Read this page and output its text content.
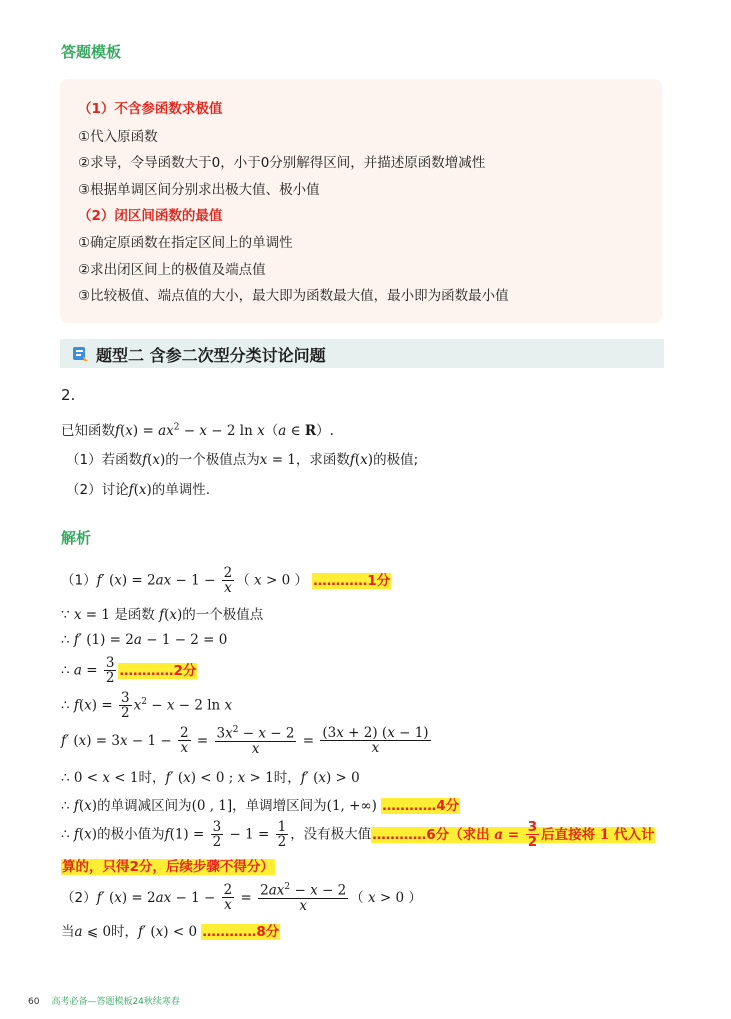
答题模板
（1）不含参函数求极值
①代入原函数
②求导，令导函数大于0，小于0分别解得区间，并描述原函数增减性
③根据单调区间分别求出极大值、极小值
（2）闭区间函数的最值
①确定原函数在指定区间上的单调性
②求出闭区间上的极值及端点值
③比较极值、端点值的大小，最大即为函数最大值，最小即为函数最小值
题型二 含参二次型分类讨论问题
2.
已知函数$f(x) = ax^2 - x - 2$ ln x（a ∈ R）.
（1）若函数f(x)的一个极值点为x = 1，求函数f(x)的极值;
（2）讨论f(x)的单调性.
解析
（1）f′ $(x) = 2ax - 1 - \frac{2}{x}$ （ x > 0 ） …………1分
∵ x = 1 是函数 f(x)的一个极值点
∴ f′ (1) = 2a − 1 − 2 = 0
∴ $a = \frac{3}{2}$ …………2分
∴ $f(x) = \frac{3}{2} x^2 - x - 2$ ln x
f′ $(x) = 3x - 1 - \frac{2}{x} = \frac{3x^2 - x - 2}{x} = \frac{(3x + 2) (x - 1)}{x}$
∴ 0 < x < 1时，f′ (x) < 0 ; x > 1时，f′ (x) > 0
∴ f(x)的单调减区间为(0 , 1]，单调增区间为(1, +∞) …………4分
∴ f(x)的极小值为$f(1) = \frac{3}{2} - 1 = \frac{1}{2}$ ，没有极大值…………6分（求出 $a = \frac{3}{2}$ 后直接将 1 代入计
算的，只得2分，后续步骤不得分）
（2）f′ $(x) = 2ax - 1 - \frac{2}{x} = \frac{2ax^2 - x - 2}{x}$ （ x > 0 ）
当a ⩽ 0时，f′ (x) < 0 …………8分
60 高考必备—答题模板24秋续寒春
